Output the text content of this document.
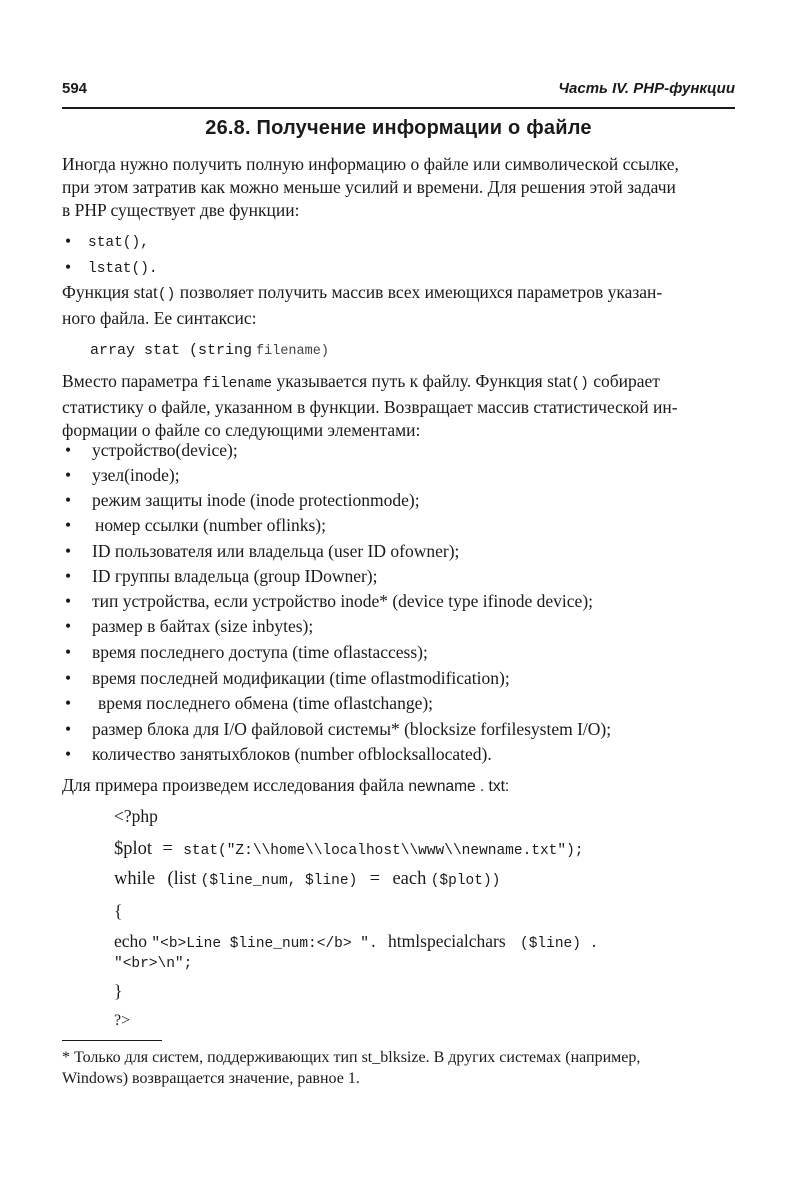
594	Часть IV. PHP-функции
26.8. Получение информации о файле
Иногда нужно получить полную информацию о файле или символической ссылке,
при этом затратив как можно меньше усилий и времени. Для решения этой задачи
в PHP существует две функции:
• stat(),
• lstat().
Функция stat() позволяет получить массив всех имеющихся параметров указан-
ного файла. Ее синтаксис:
array stat (string filename)
Вместо параметра filename указывается путь к файлу. Функция stat() собирает
статистику о файле, указанном в функции. Возвращает массив статистической ин-
формации о файле со следующими элементами:
• устройство(device);
• узел(inode);
• режим защиты inode (inode protectionmode);
• номер ссылки (number oflinks);
• ID пользователя или владельца (user ID ofowner);
• ID группы владельца (group IDowner);
• тип устройства, если устройство inode* (device type ifinode device);
• размер в байтах (size inbytes);
• время последнего доступа (time oflastaccess);
• время последней модификации (time oflastmodification);
• время последнего обмена (time oflastchange);
• размер блока для I/O файловой системы* (blocksize forfilesystem I/O);
• количество занятыхблоков (number ofblocksallocated).
Для примера произведем исследования файла newname . txt:
<?php
$plot = stat("Z:\\home\\localhost\\www\\newname.txt");
while (list ($line_num, $line) = each ($plot))
{
echo "<b>Line $line_num:</b> ". htmlspecialchars ($line) .
"<br>\n";
}
?>
* Только для систем, поддерживающих тип st_blksize. В других системах (например,
Windows) возвращается значение, равное 1.
